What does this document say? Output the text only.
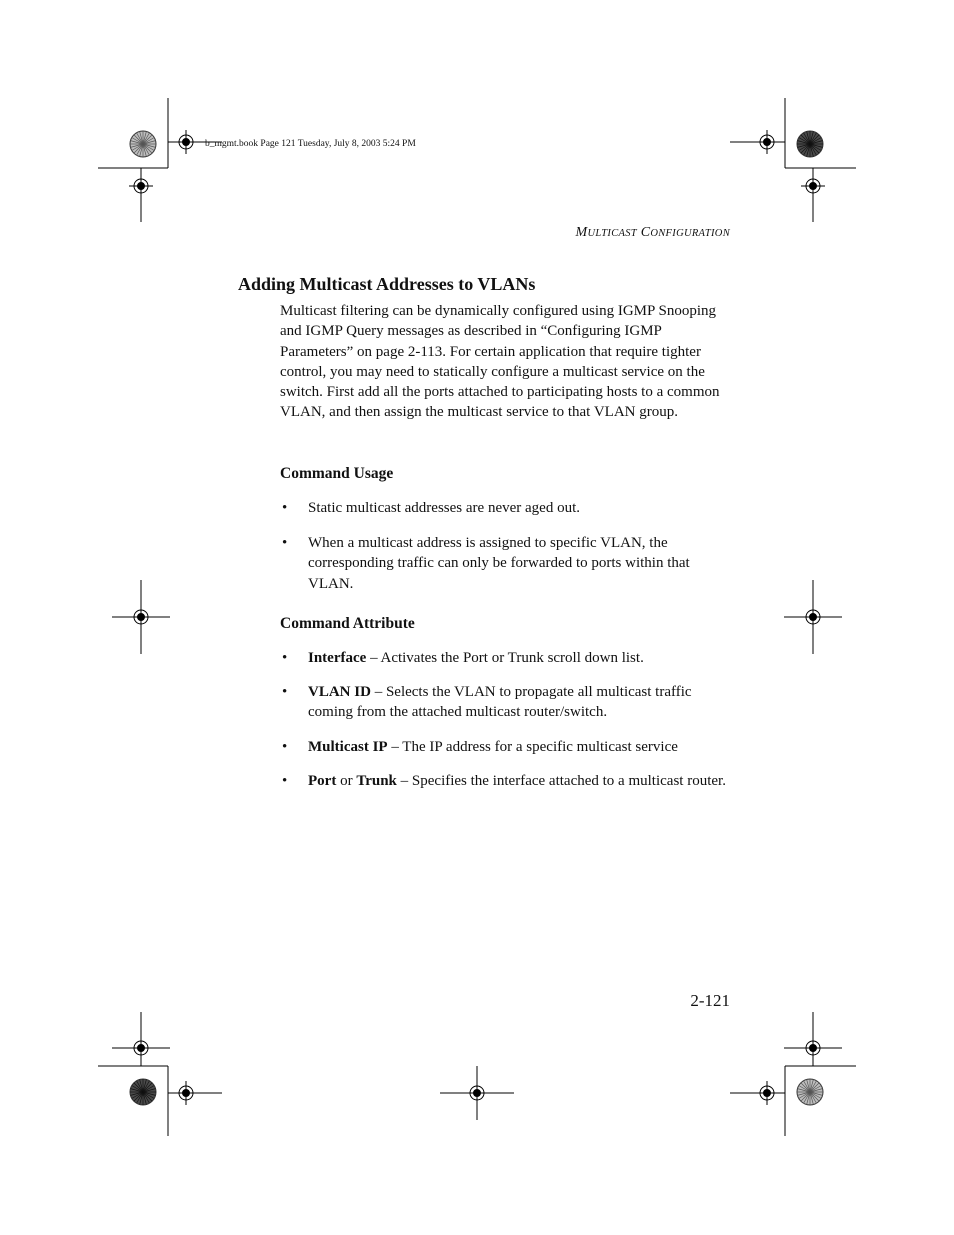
b_mgmt.book Page 121 Tuesday, July 8, 2003 5:24 PM
MULTICAST CONFIGURATION
Adding Multicast Addresses to VLANs

Multicast filtering can be dynamically configured using IGMP Snooping and IGMP Query messages as described in “Configuring IGMP Parameters” on page 2-113. For certain application that require tighter control, you may need to statically configure a multicast service on the switch. First add all the ports attached to participating hosts to a common VLAN, and then assign the multicast service to that VLAN group.

Command Usage
• Static multicast addresses are never aged out.
• When a multicast address is assigned to specific VLAN, the corresponding traffic can only be forwarded to ports within that VLAN.
Command Attribute
• Interface – Activates the Port or Trunk scroll down list.
• VLAN ID – Selects the VLAN to propagate all multicast traffic coming from the attached multicast router/switch.
• Multicast IP – The IP address for a specific multicast service
• Port or Trunk – Specifies the interface attached to a multicast router.
2-121
